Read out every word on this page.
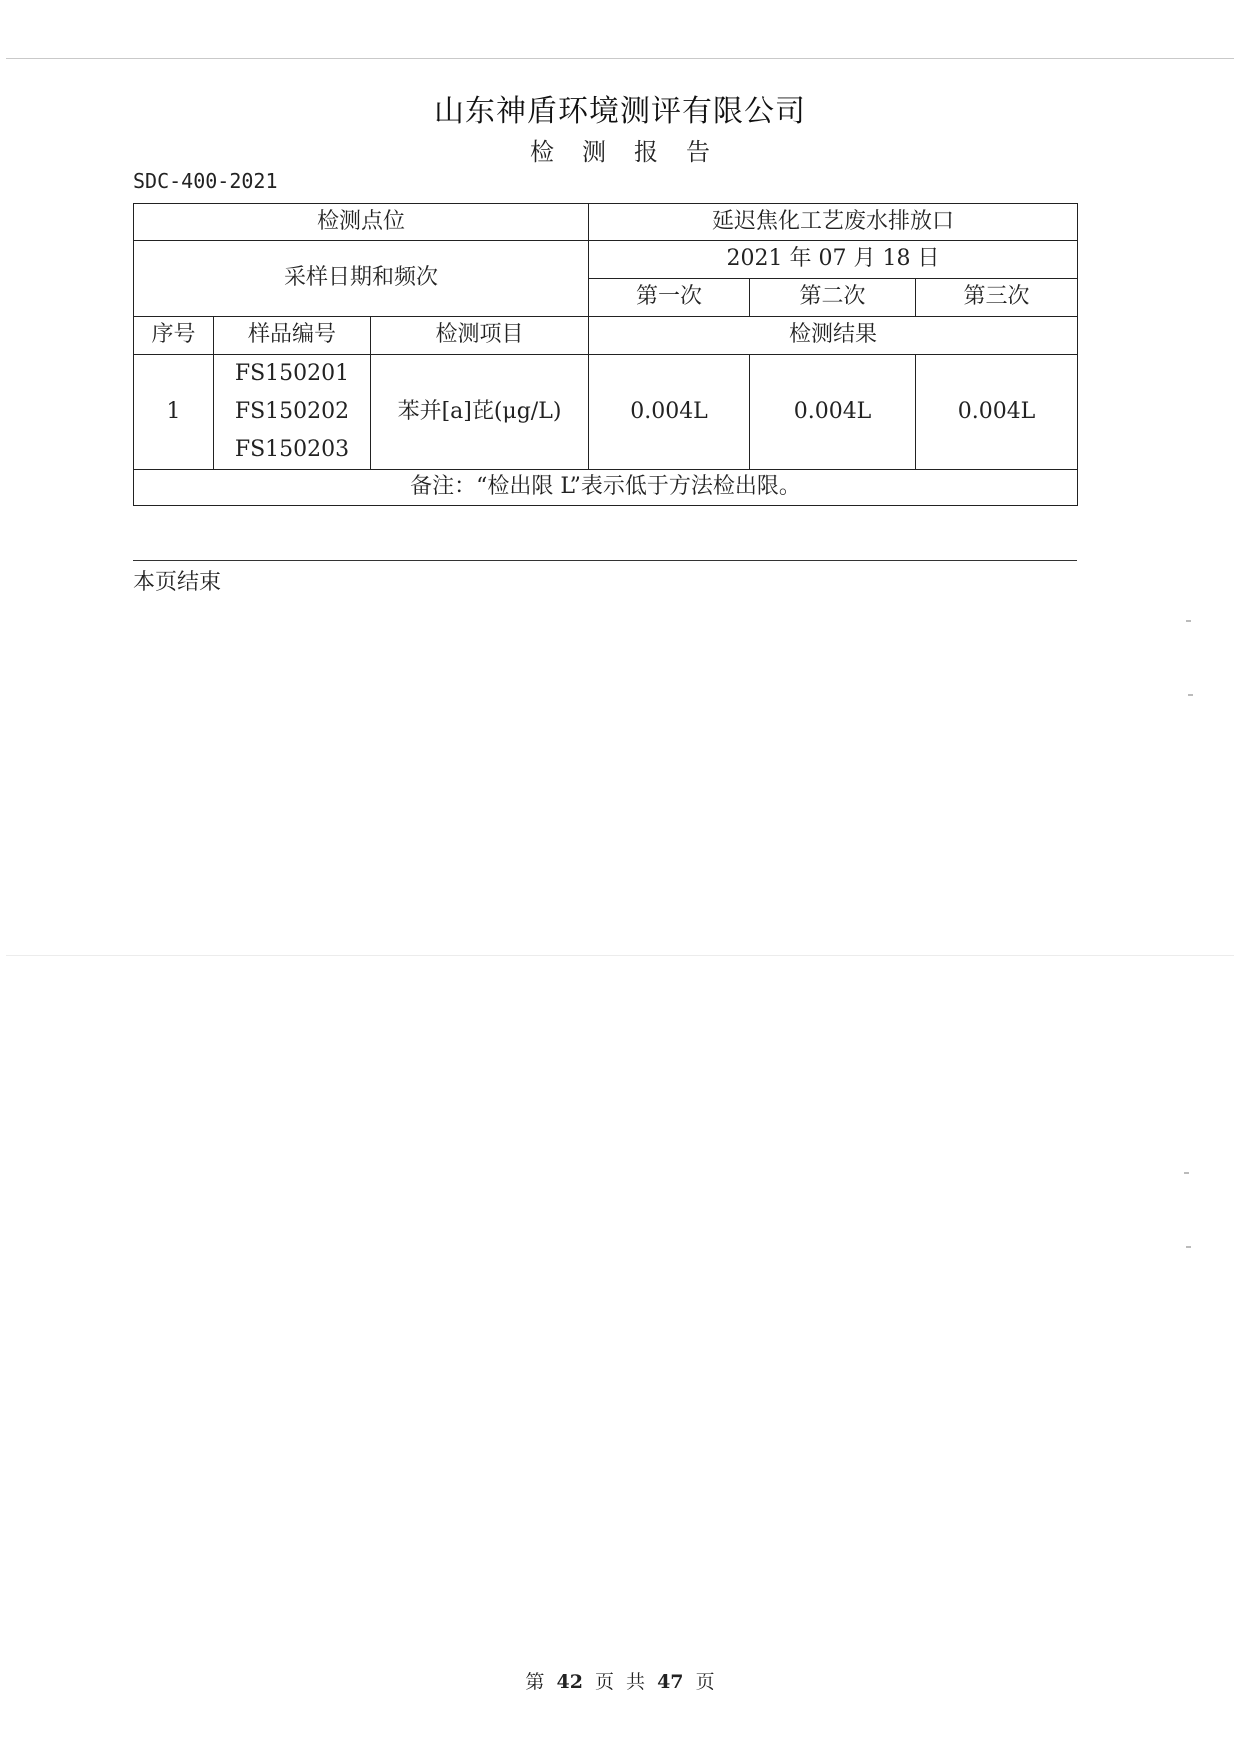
山东神盾环境测评有限公司
检测报告
SDC-400-2021
检测点位			延迟焦化工艺废水排放口		
采样日期和频次			2021 年 07 月 18 日		
			第一次	第二次	第三次
序号	样品编号	检测项目	检测结果		
1	FS150201
FS150202
FS150203	苯并[a]芘(μg/L)	0.004L	0.004L	0.004L
备注：“检出限 L”表示低于方法检出限。					
本页结束
第 42 页 共 47 页
